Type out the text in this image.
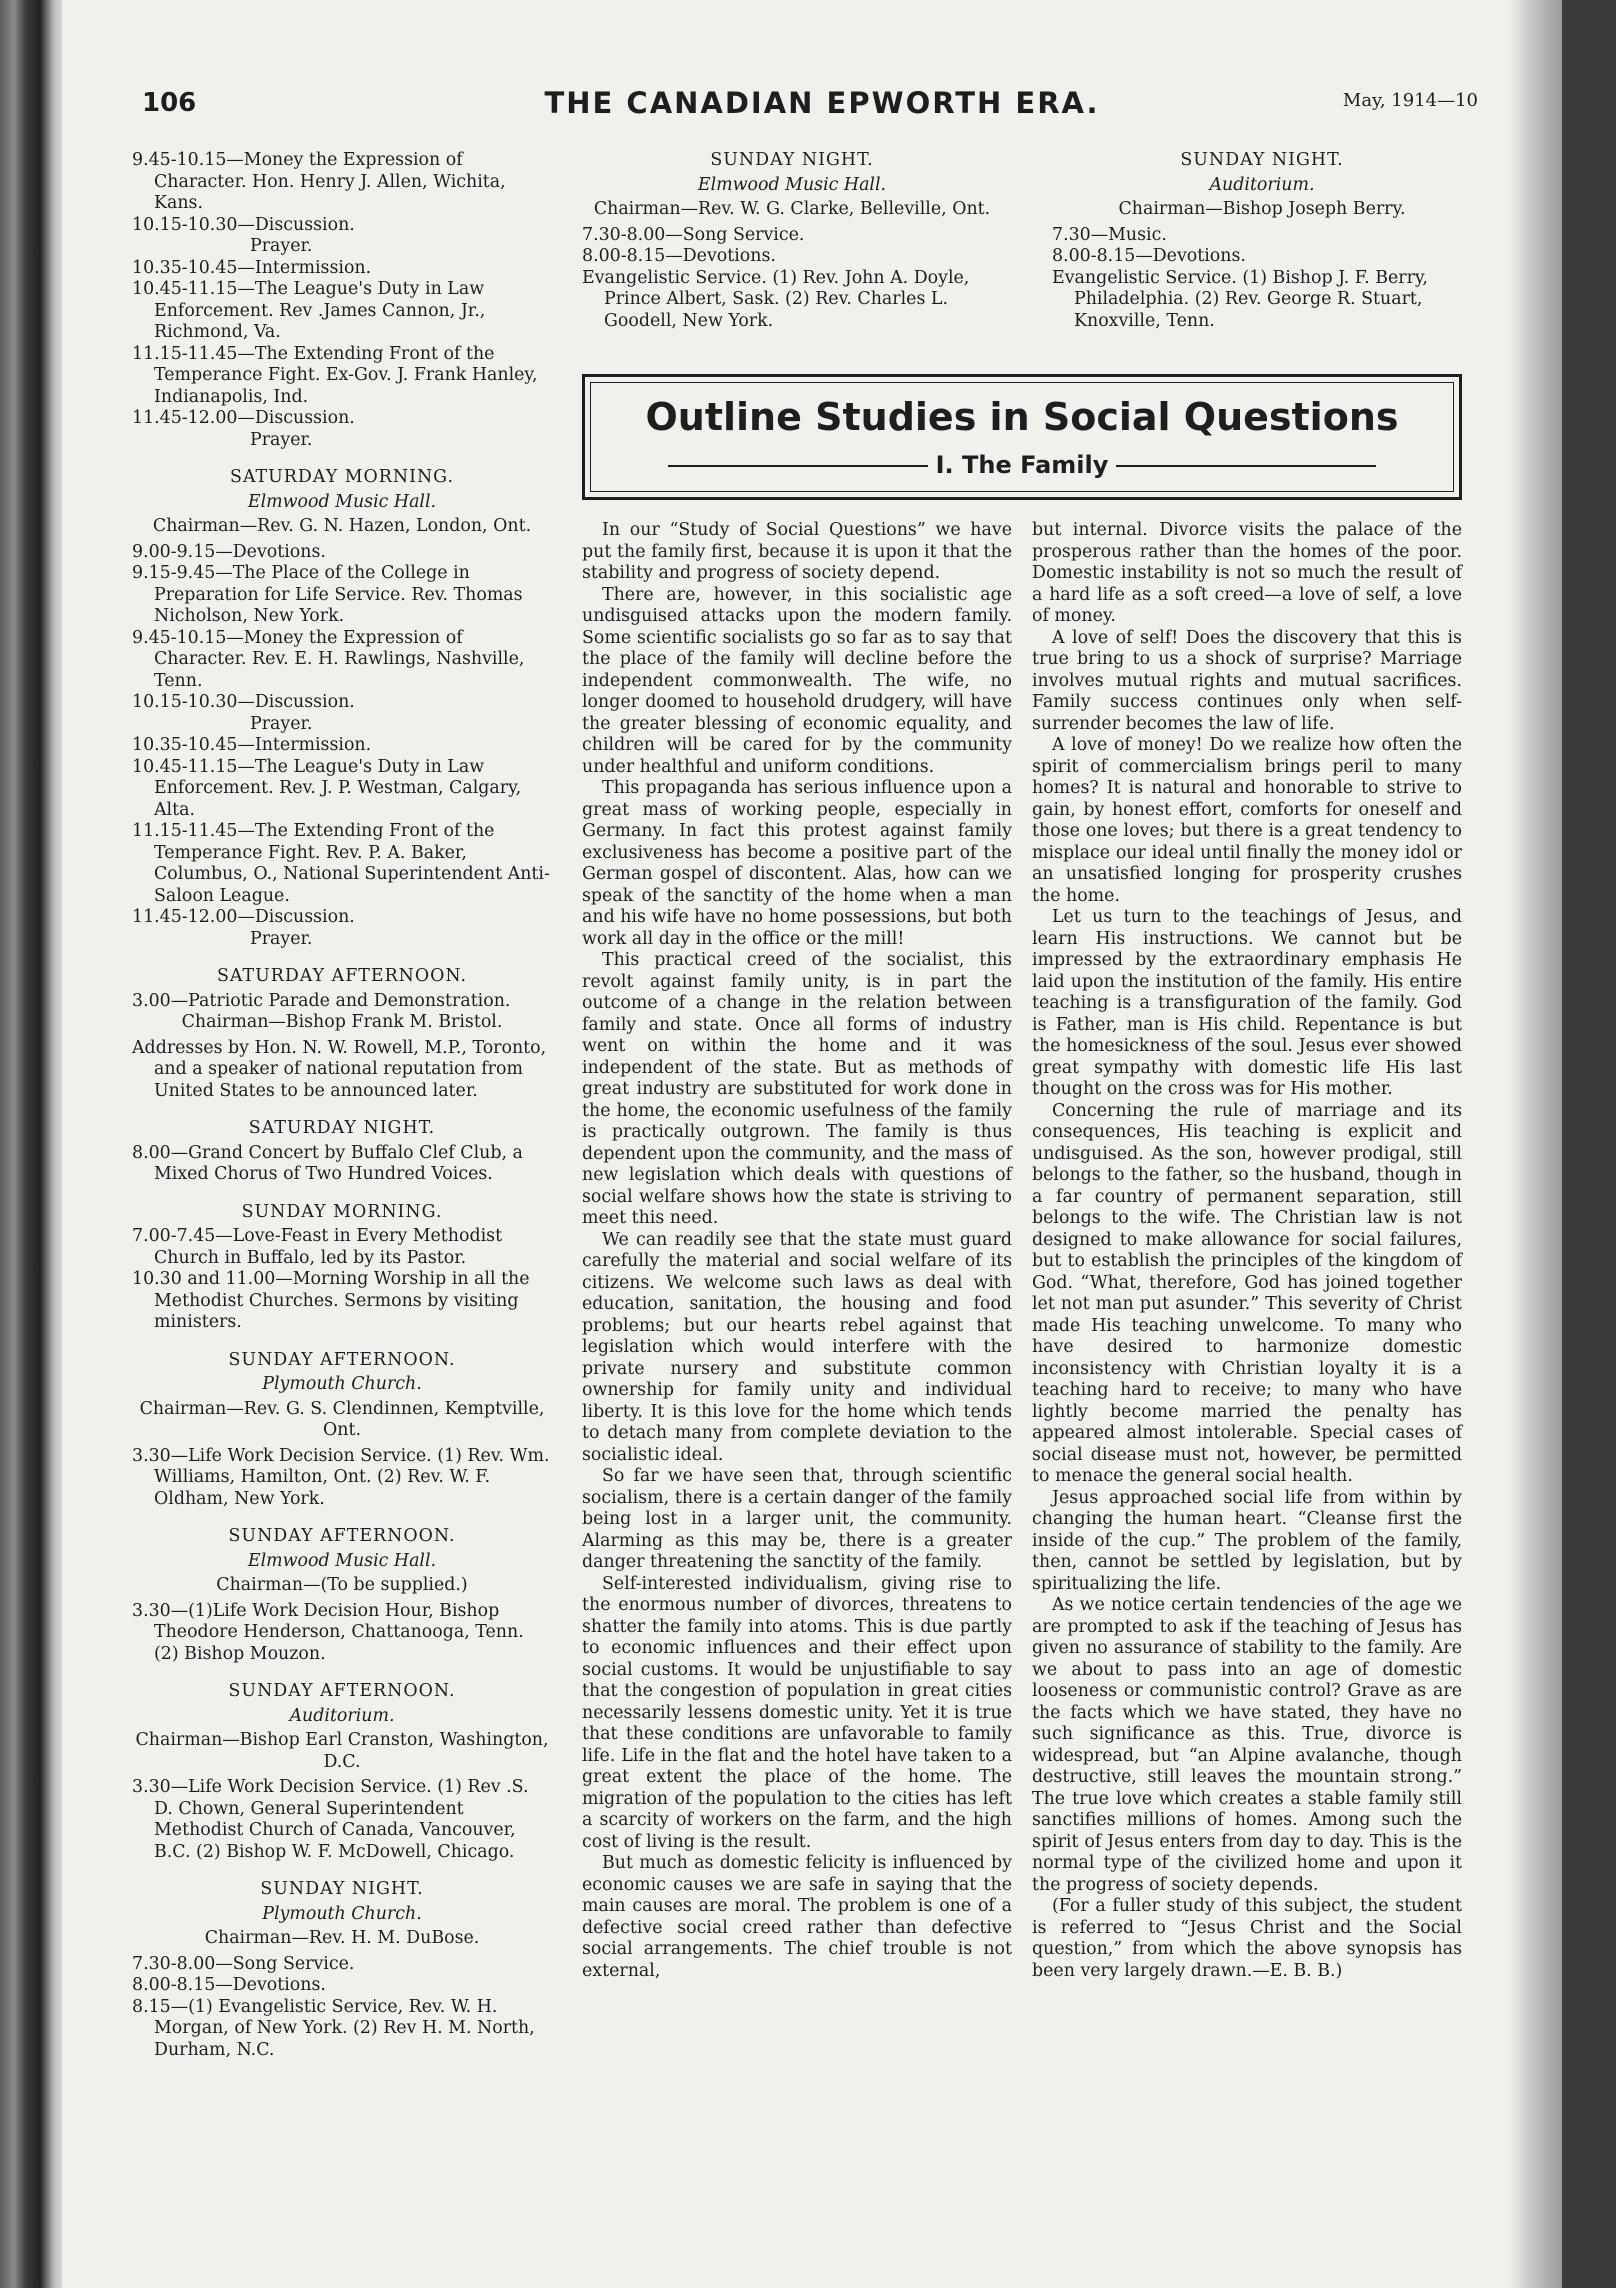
106	THE CANADIAN EPWORTH ERA.	May, 1914—10
9.45-10.15—Money the Expression of Character. Hon. Henry J. Allen, Wichita, Kans.
10.15-10.30—Discussion.
Prayer.
10.35-10.45—Intermission.
10.45-11.15—The League's Duty in Law Enforcement. Rev .James Cannon, Jr., Richmond, Va.
11.15-11.45—The Extending Front of the Temperance Fight. Ex-Gov. J. Frank Hanley, Indianapolis, Ind.
11.45-12.00—Discussion.
Prayer.
SATURDAY MORNING.
Elmwood Music Hall.
Chairman—Rev. G. N. Hazen, London, Ont.
9.00-9.15—Devotions.
9.15-9.45—The Place of the College in Preparation for Life Service. Rev. Thomas Nicholson, New York.
9.45-10.15—Money the Expression of Character. Rev. E. H. Rawlings, Nashville, Tenn.
10.15-10.30—Discussion.
Prayer.
10.35-10.45—Intermission.
10.45-11.15—The League's Duty in Law Enforcement. Rev. J. P. Westman, Calgary, Alta.
11.15-11.45—The Extending Front of the Temperance Fight. Rev. P. A. Baker, Columbus, O., National Superintendent Anti-Saloon League.
11.45-12.00—Discussion.
Prayer.
SATURDAY AFTERNOON.
3.00—Patriotic Parade and Demonstration.
Chairman—Bishop Frank M. Bristol.
Addresses by Hon. N. W. Rowell, M.P., Toronto, and a speaker of national reputation from United States to be announced later.
SATURDAY NIGHT.
8.00—Grand Concert by Buffalo Clef Club, a Mixed Chorus of Two Hundred Voices.
SUNDAY MORNING.
7.00-7.45—Love-Feast in Every Methodist Church in Buffalo, led by its Pastor.
10.30 and 11.00—Morning Worship in all the Methodist Churches. Sermons by visiting ministers.
SUNDAY AFTERNOON.
Plymouth Church.
Chairman—Rev. G. S. Clendinnen, Kemptville, Ont.
3.30—Life Work Decision Service. (1) Rev. Wm. Williams, Hamilton, Ont. (2) Rev. W. F. Oldham, New York.
SUNDAY AFTERNOON.
Elmwood Music Hall.
Chairman—(To be supplied.)
3.30—(1)Life Work Decision Hour, Bishop Theodore Henderson, Chattanooga, Tenn. (2) Bishop Mouzon.
SUNDAY AFTERNOON.
Auditorium.
Chairman—Bishop Earl Cranston, Washington, D.C.
3.30—Life Work Decision Service. (1) Rev .S. D. Chown, General Superintendent Methodist Church of Canada, Vancouver, B.C. (2) Bishop W. F. McDowell, Chicago.
SUNDAY NIGHT.
Plymouth Church.
Chairman—Rev. H. M. DuBose.
7.30-8.00—Song Service.
8.00-8.15—Devotions.
8.15—(1) Evangelistic Service, Rev. W. H. Morgan, of New York. (2) Rev H. M. North, Durham, N.C.
SUNDAY NIGHT.
Elmwood Music Hall.
Chairman—Rev. W. G. Clarke, Belleville, Ont.
7.30-8.00—Song Service.
8.00-8.15—Devotions.
Evangelistic Service. (1) Rev. John A. Doyle, Prince Albert, Sask. (2) Rev. Charles L. Goodell, New York.
SUNDAY NIGHT.
Auditorium.
Chairman—Bishop Joseph Berry.
7.30—Music.
8.00-8.15—Devotions.
Evangelistic Service. (1) Bishop J. F. Berry, Philadelphia. (2) Rev. George R. Stuart, Knoxville, Tenn.
Outline Studies in Social Questions
I. The Family

In our “Study of Social Questions” we have put the family first, because it is upon it that the stability and progress of society depend.

There are, however, in this socialistic age undisguised attacks upon the modern family. Some scientific socialists go so far as to say that the place of the family will decline before the independent commonwealth. The wife, no longer doomed to household drudgery, will have the greater blessing of economic equality, and children will be cared for by the community under healthful and uniform conditions.

This propaganda has serious influence upon a great mass of working people, especially in Germany. In fact this protest against family exclusiveness has become a positive part of the German gospel of discontent. Alas, how can we speak of the sanctity of the home when a man and his wife have no home possessions, but both work all day in the office or the mill!

This practical creed of the socialist, this revolt against family unity, is in part the outcome of a change in the relation between family and state. Once all forms of industry went on within the home and it was independent of the state. But as methods of great industry are substituted for work done in the home, the economic usefulness of the family is practically outgrown. The family is thus dependent upon the community, and the mass of new legislation which deals with questions of social welfare shows how the state is striving to meet this need.

We can readily see that the state must guard carefully the material and social welfare of its citizens. We welcome such laws as deal with education, sanitation, the housing and food problems; but our hearts rebel against that legislation which would interfere with the private nursery and substitute common ownership for family unity and individual liberty. It is this love for the home which tends to detach many from complete deviation to the socialistic ideal.

So far we have seen that, through scientific socialism, there is a certain danger of the family being lost in a larger unit, the community. Alarming as this may be, there is a greater danger threatening the sanctity of the family.

Self-interested individualism, giving rise to the enormous number of divorces, threatens to shatter the family into atoms. This is due partly to economic influences and their effect upon social customs. It would be unjustifiable to say that the congestion of population in great cities necessarily lessens domestic unity. Yet it is true that these conditions are unfavorable to family life. Life in the flat and the hotel have taken to a great extent the place of the home. The migration of the population to the cities has left a scarcity of workers on the farm, and the high cost of living is the result.

But much as domestic felicity is influenced by economic causes we are safe in saying that the main causes are moral. The problem is one of a defective social creed rather than defective social arrangements. The chief trouble is not external,

but internal. Divorce visits the palace of the prosperous rather than the homes of the poor. Domestic instability is not so much the result of a hard life as a soft creed—a love of self, a love of money.

A love of self! Does the discovery that this is true bring to us a shock of surprise? Marriage involves mutual rights and mutual sacrifices. Family success continues only when self-surrender becomes the law of life.

A love of money! Do we realize how often the spirit of commercialism brings peril to many homes? It is natural and honorable to strive to gain, by honest effort, comforts for oneself and those one loves; but there is a great tendency to misplace our ideal until finally the money idol or an unsatisfied longing for prosperity crushes the home.

Let us turn to the teachings of Jesus, and learn His instructions. We cannot but be impressed by the extraordinary emphasis He laid upon the institution of the family. His entire teaching is a transfiguration of the family. God is Father, man is His child. Repentance is but the homesickness of the soul. Jesus ever showed great sympathy with domestic life His last thought on the cross was for His mother.

Concerning the rule of marriage and its consequences, His teaching is explicit and undisguised. As the son, however prodigal, still belongs to the father, so the husband, though in a far country of permanent separation, still belongs to the wife. The Christian law is not designed to make allowance for social failures, but to establish the principles of the kingdom of God. “What, therefore, God has joined together let not man put asunder.” This severity of Christ made His teaching unwelcome. To many who have desired to harmonize domestic inconsistency with Christian loyalty it is a teaching hard to receive; to many who have lightly become married the penalty has appeared almost intolerable. Special cases of social disease must not, however, be permitted to menace the general social health.

Jesus approached social life from within by changing the human heart. “Cleanse first the inside of the cup.” The problem of the family, then, cannot be settled by legislation, but by spiritualizing the life.

As we notice certain tendencies of the age we are prompted to ask if the teaching of Jesus has given no assurance of stability to the family. Are we about to pass into an age of domestic looseness or communistic control? Grave as are the facts which we have stated, they have no such significance as this. True, divorce is widespread, but “an Alpine avalanche, though destructive, still leaves the mountain strong.” The true love which creates a stable family still sanctifies millions of homes. Among such the spirit of Jesus enters from day to day. This is the normal type of the civilized home and upon it the progress of society depends.

(For a fuller study of this subject, the student is referred to “Jesus Christ and the Social question,” from which the above synopsis has been very largely drawn.—E. B. B.)
